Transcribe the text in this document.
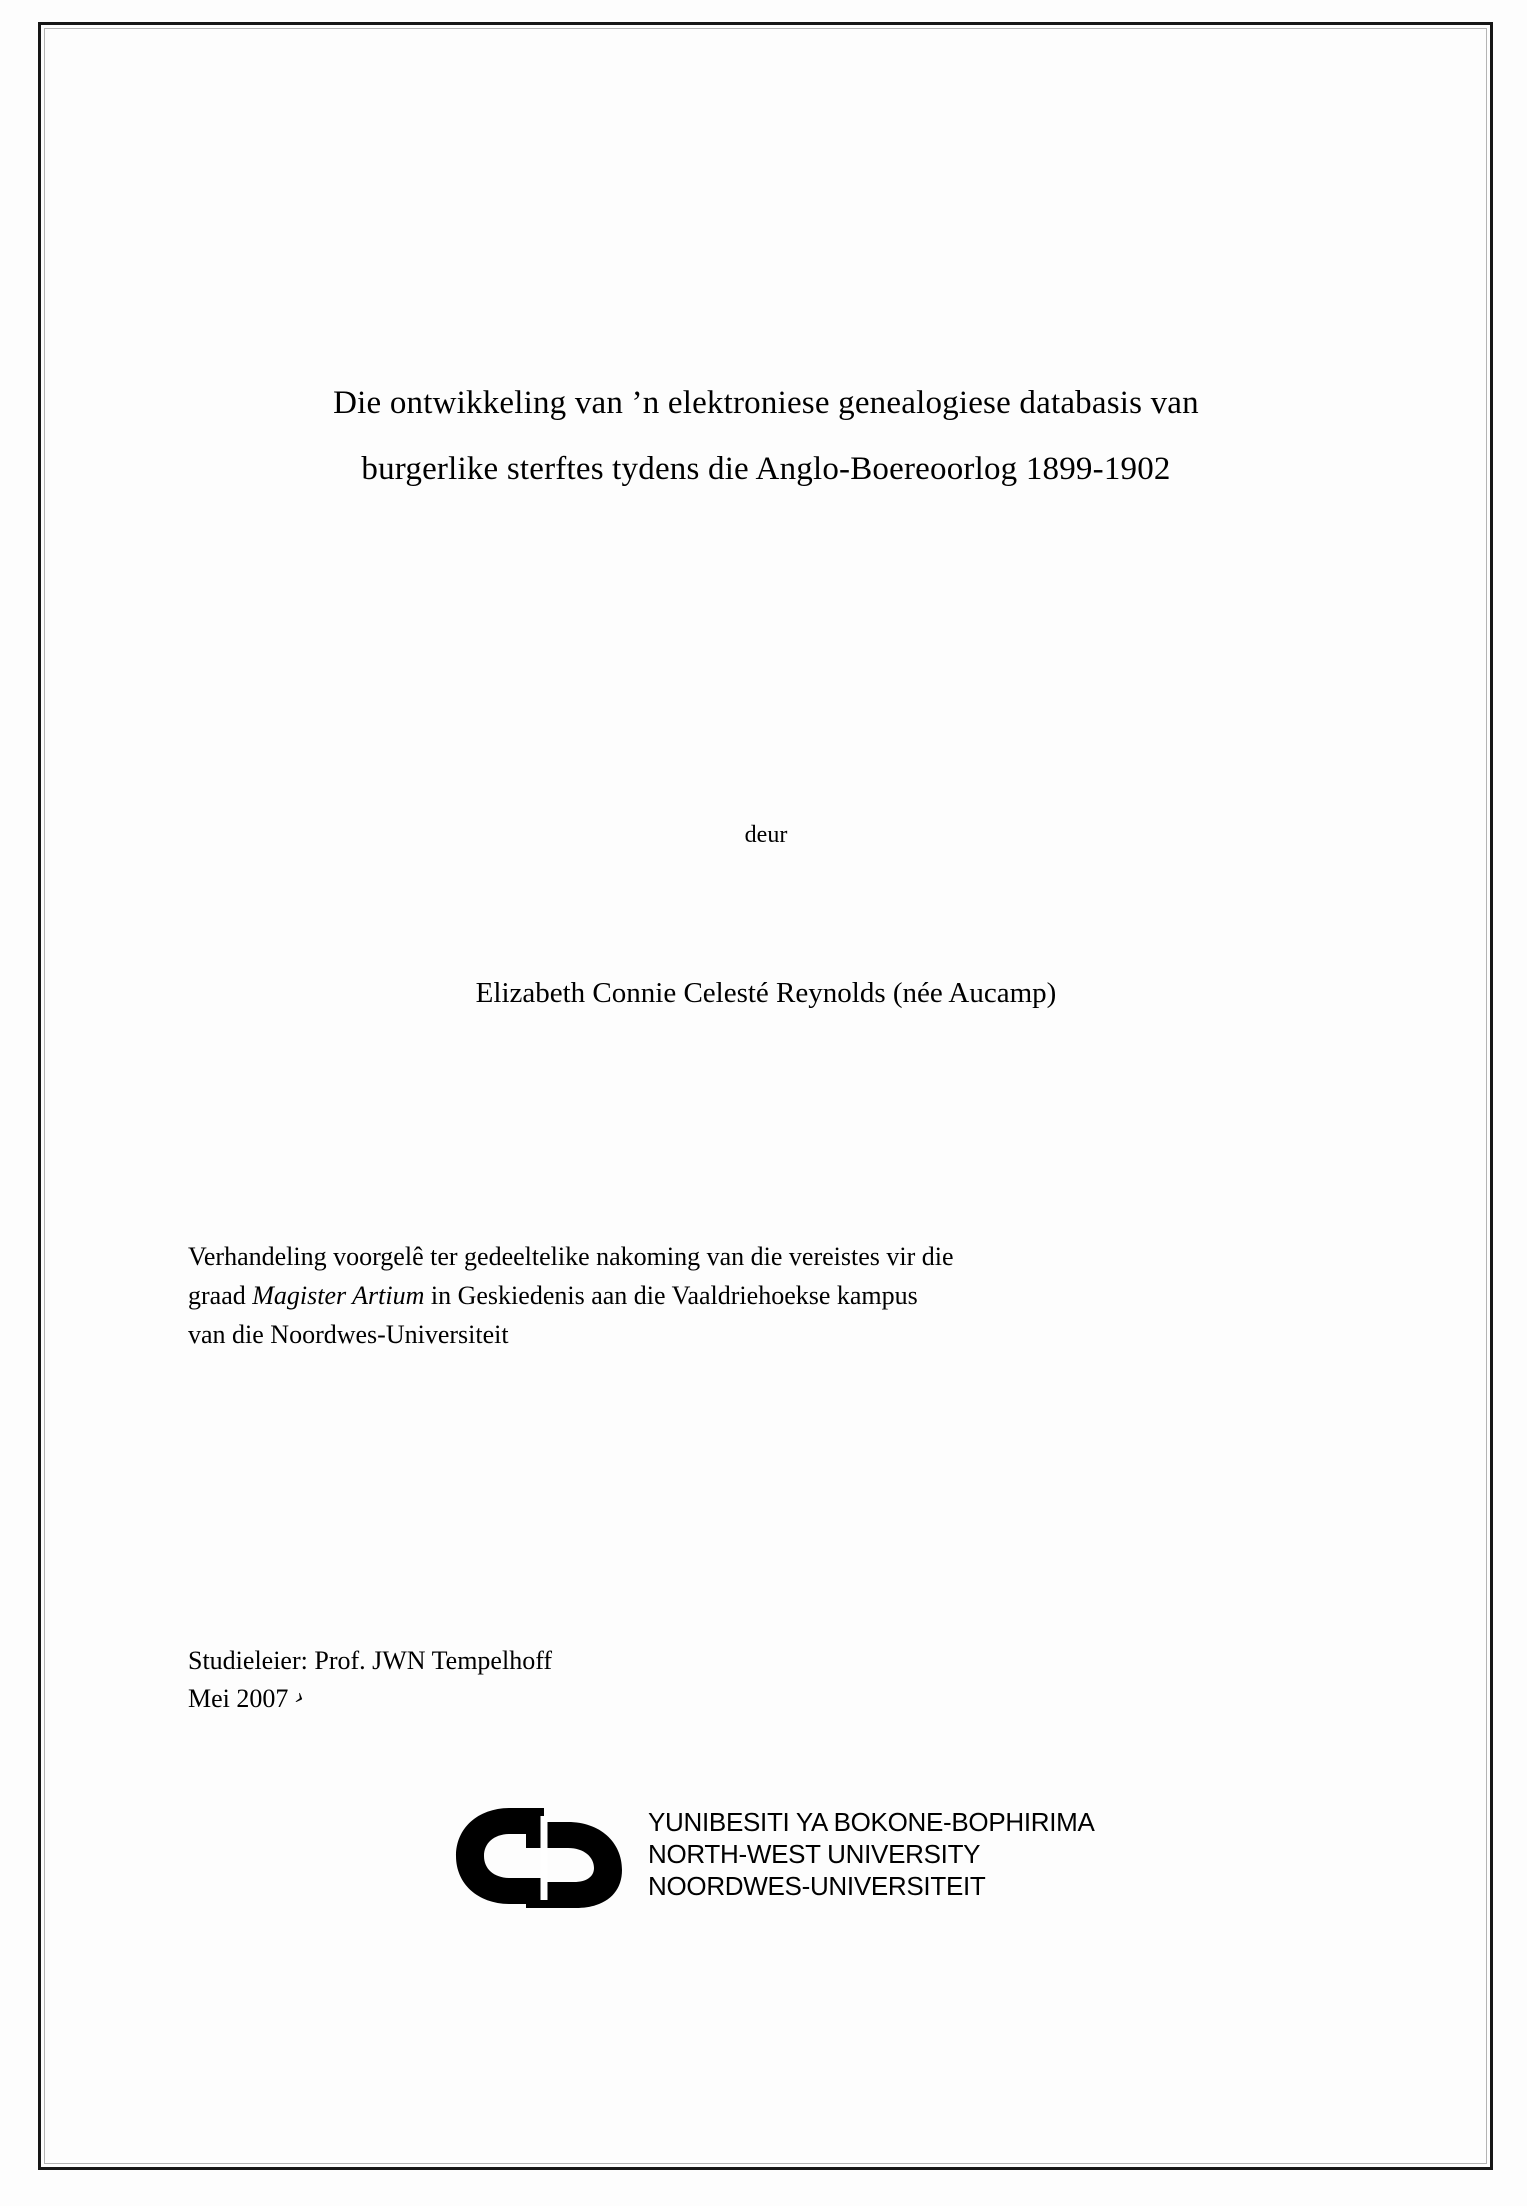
Die ontwikkeling van ’n elektroniese genealogiese databasis van
burgerlike sterftes tydens die Anglo-Boereoorlog 1899-1902
deur
Elizabeth Connie Celesté Reynolds (née Aucamp)
Verhandeling voorgelê ter gedeeltelike nakoming van die vereistes vir die
graad Magister Artium in Geskiedenis aan die Vaaldriehoekse kampus
van die Noordwes-Universiteit
Studieleier: Prof. JWN Tempelhoff
Mei 2007 ›
YUNIBESITI YA BOKONE-BOPHIRIMA
NORTH-WEST UNIVERSITY
NOORDWES-UNIVERSITEIT
